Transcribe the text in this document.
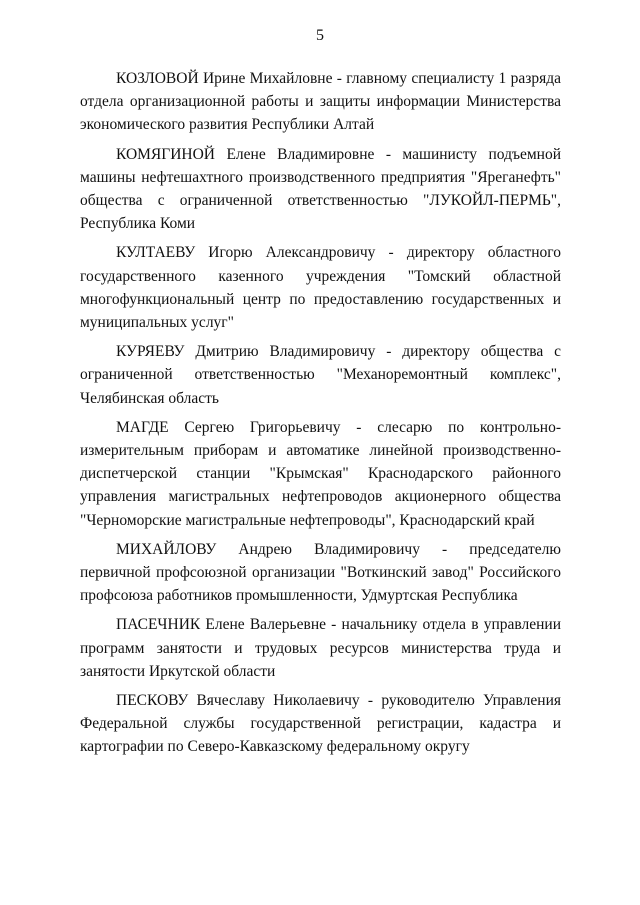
5

КОЗЛОВОЙ Ирине Михайловне - главному специалисту 1 разряда отдела организационной работы и защиты информации Министерства экономического развития Республики Алтай

КОМЯГИНОЙ Елене Владимировне - машинисту подъемной машины нефтешахтного производственного предприятия "Яреганефть" общества с ограниченной ответственностью "ЛУКОЙЛ-ПЕРМЬ", Республика Коми

КУЛТАЕВУ Игорю Александровичу - директору областного государственного казенного учреждения "Томский областной многофункциональный центр по предоставлению государственных и муниципальных услуг"

КУРЯЕВУ Дмитрию Владимировичу - директору общества с ограниченной ответственностью "Механоремонтный комплекс", Челябинская область

МАГДЕ Сергею Григорьевичу - слесарю по контрольно-измерительным приборам и автоматике линейной производственно-диспетчерской станции "Крымская" Краснодарского районного управления магистральных нефтепроводов акционерного общества "Черноморские магистральные нефтепроводы", Краснодарский край

МИХАЙЛОВУ Андрею Владимировичу - председателю первичной профсоюзной организации "Воткинский завод" Российского профсоюза работников промышленности, Удмуртская Республика

ПАСЕЧНИК Елене Валерьевне - начальнику отдела в управлении программ занятости и трудовых ресурсов министерства труда и занятости Иркутской области

ПЕСКОВУ Вячеславу Николаевичу - руководителю Управления Федеральной службы государственной регистрации, кадастра и картографии по Северо-Кавказскому федеральному округу
